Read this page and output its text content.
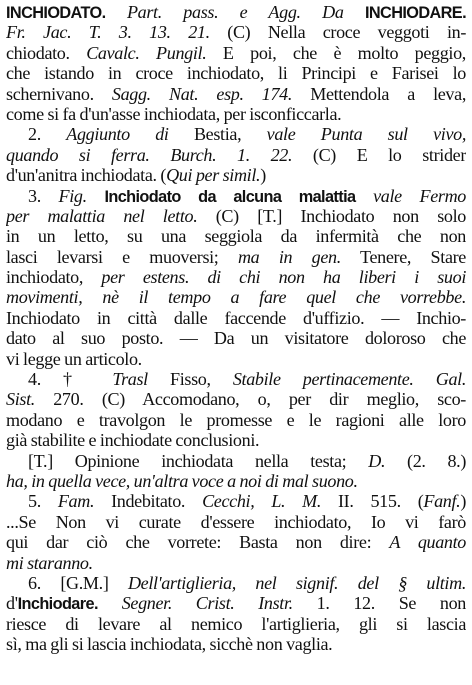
INCHIODATO. Part. pass. e Agg. Da INCHIODARE.
Fr. Jac. T. 3. 13. 21. (C) Nella croce veggoti in-
chiodato. Cavalc. Pungil. E poi, che è molto peggio,
che istando in croce inchiodato, li Principi e Farisei lo
schernivano. Sagg. Nat. esp. 174. Mettendola a leva,
come si fa d'un'asse inchiodata, per isconficcarla.
2. Aggiunto di Bestia, vale Punta sul vivo,
quando si ferra. Burch. 1. 22. (C) E lo strider
d'un'anitra inchiodata. (Qui per simil.)
3. Fig. Inchiodato da alcuna malattia vale Fermo
per malattia nel letto. (C) [T.] Inchiodato non solo
in un letto, su una seggiola da infermità che non
lasci levarsi e muoversi; ma in gen. Tenere, Stare
inchiodato, per estens. di chi non ha liberi i suoi
movimenti, nè il tempo a fare quel che vorrebbe.
Inchiodato in città dalle faccende d'uffizio. — Inchio-
dato al suo posto. — Da un visitatore doloroso che
vi legge un articolo.
4. † Trasl Fisso, Stabile pertinacemente. Gal.
Sist. 270. (C) Accomodano, o, per dir meglio, sco-
modano e travolgon le promesse e le ragioni alle loro
già stabilite e inchiodate conclusioni.
[T.] Opinione inchiodata nella testa; D. (2. 8.)
ha, in quella vece, un'altra voce a noi di mal suono.
5. Fam. Indebitato. Cecchi, L. M. II. 515. (Fanf.)
...Se Non vi curate d'essere inchiodato, Io vi farò
qui dar ciò che vorrete: Basta non dire: A quanto
mi staranno.
6. [G.M.] Dell'artiglieria, nel signif. del § ultim.
d'Inchiodare. Segner. Crist. Instr. 1. 12. Se non
riesce di levare al nemico l'artiglieria, gli si lascia
sì, ma gli si lascia inchiodata, sicchè non vaglia.
